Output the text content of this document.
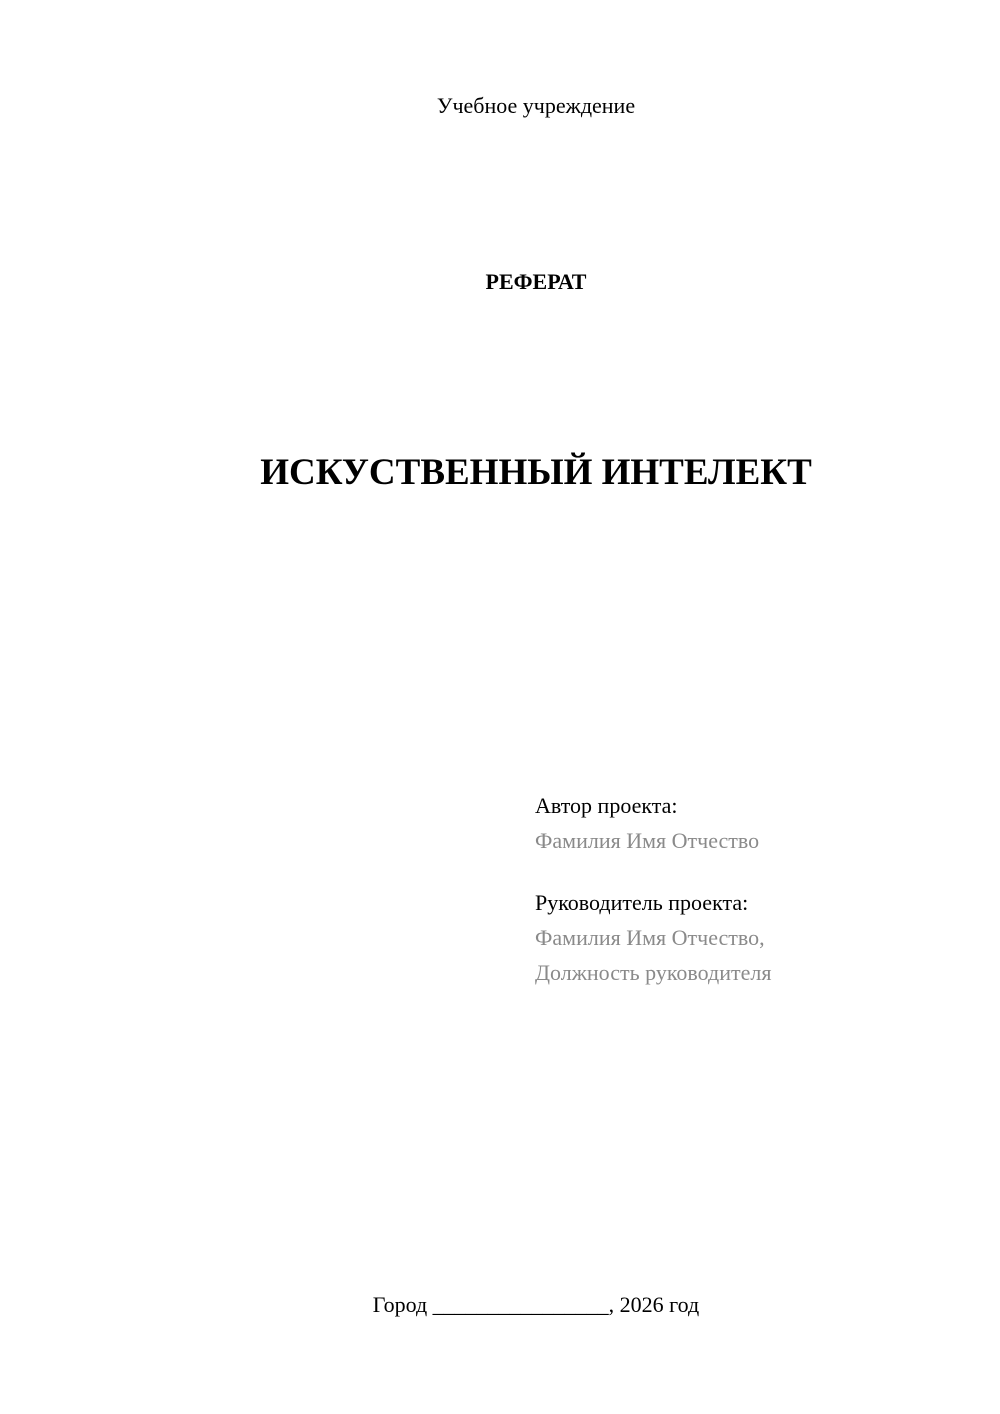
Учебное учреждение
РЕФЕРАТ
ИСКУСТВЕННЫЙ ИНТЕЛЕКТ
Автор проекта:
Фамилия Имя Отчество
Руководитель проекта:
Фамилия Имя Отчество,
Должность руководителя
Город ________________, 2026 год
